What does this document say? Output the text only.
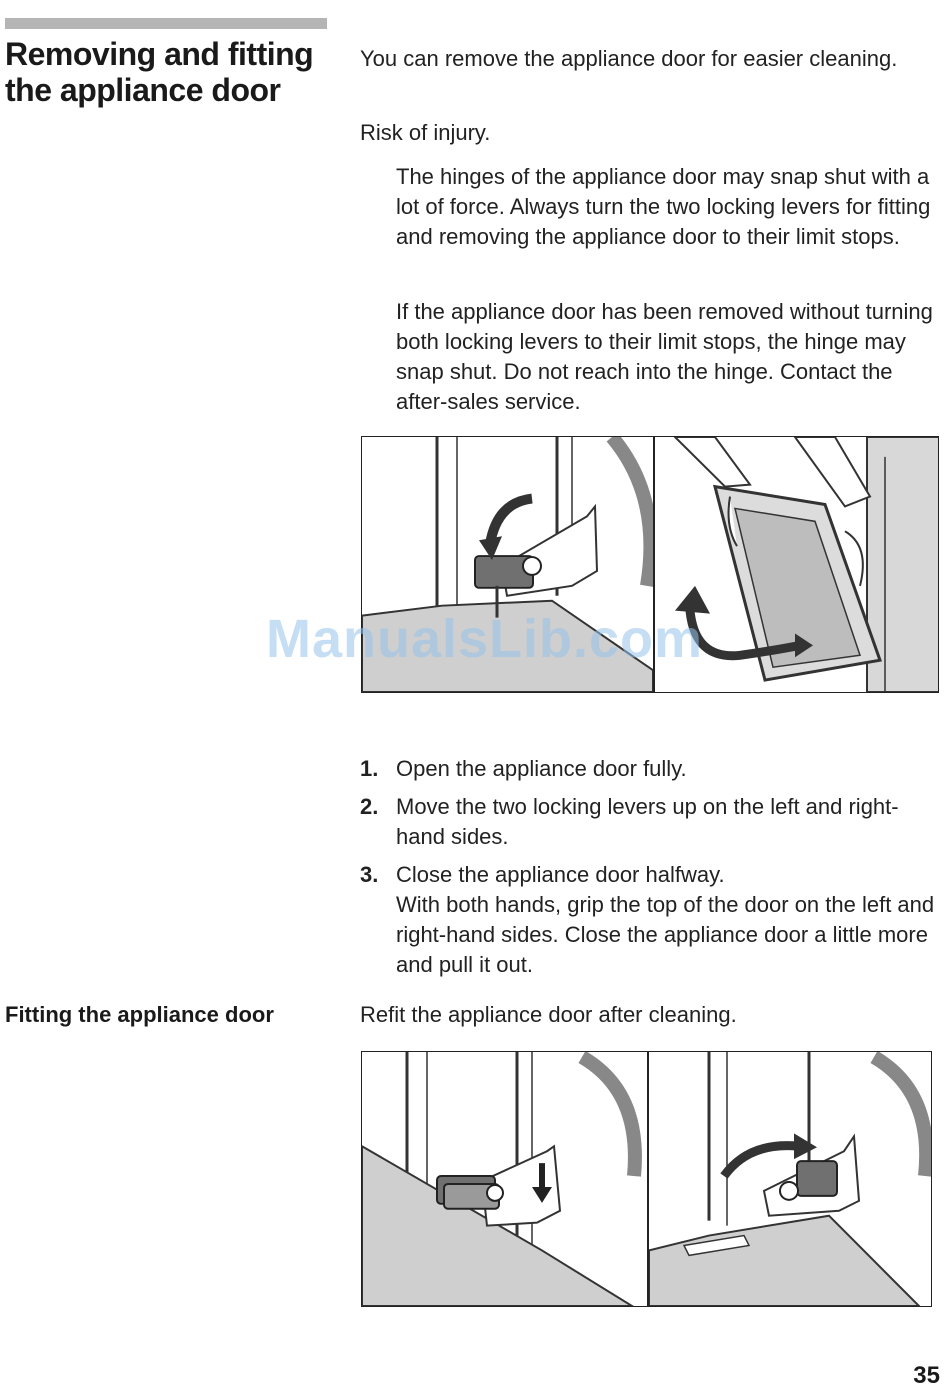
Removing and fitting the appliance door

You can remove the appliance door for easier cleaning.

Risk of injury.

The hinges of the appliance door may snap shut with a lot of force. Always turn the two locking levers for fitting and removing the appliance door to their limit stops.

If the appliance door has been removed without turning both locking levers to their limit stops, the hinge may snap shut. Do not reach into the hinge. Contact the after-sales service.

ManualsLib.com

1. Open the appliance door fully.
2. Move the two locking levers up on the left and right-hand sides.
3. Close the appliance door halfway.
With both hands, grip the top of the door on the left and right-hand sides. Close the appliance door a little more and pull it out.
Fitting the appliance door	Refit the appliance door after cleaning.

35
